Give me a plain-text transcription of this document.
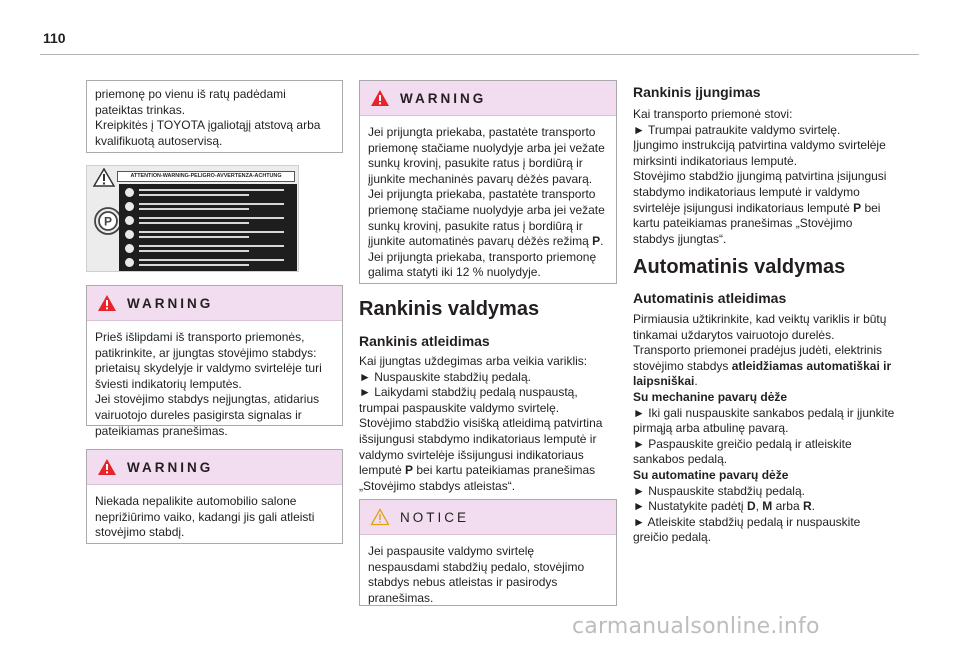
110

priemonę po vienu iš ratų padėdami pateiktas trinkas.

Kreipkitės į TOYOTA įgaliotąjį atstovą arba kvalifikuotą autoservisą.

ATTENTION-WARNING-PELIGRO-AVVERTENZA-ACHTUNG
P
WARNING

Prieš išlipdami iš transporto priemonės, patikrinkite, ar įjungtas stovėjimo stabdys: prietaisų skydelyje ir valdymo svirtelėje turi šviesti indikatorių lemputės.

Jei stovėjimo stabdys neįjungtas, atidarius vairuotojo dureles pasigirsta signalas ir pateikiamas pranešimas.

WARNING

Niekada nepalikite automobilio salone neprižiūrimo vaiko, kadangi jis gali atleisti stovėjimo stabdį.

WARNING

Jei prijungta priekaba, pastatėte transporto priemonę stačiame nuolydyje arba jei vežate sunkų krovinį, pasukite ratus į bordiūrą ir įjunkite mechaninės pavarų dėžės pavarą.

Jei prijungta priekaba, pastatėte transporto priemonę stačiame nuolydyje arba jei vežate sunkų krovinį, pasukite ratus į bordiūrą ir įjunkite automatinės pavarų dėžės režimą P.

Jei prijungta priekaba, transporto priemonę galima statyti iki 12 % nuolydyje.

Rankinis valdymas
Rankinis atleidimas

Kai įjungtas uždegimas arba veikia variklis:

► Nuspauskite stabdžių pedalą.

► Laikydami stabdžių pedalą nuspaustą, trumpai paspauskite valdymo svirtelę.

Stovėjimo stabdžio visišką atleidimą patvirtina išsijungusi stabdymo indikatoriaus lemputė ir valdymo svirtelėje išsijungusi indikatoriaus lemputė P bei kartu pateikiamas pranešimas „Stovėjimo stabdys atleistas“.

NOTICE

Jei paspausite valdymo svirtelę nespausdami stabdžių pedalo, stovėjimo stabdys nebus atleistas ir pasirodys pranešimas.

Rankinis įjungimas

Kai transporto priemonė stovi:

► Trumpai patraukite valdymo svirtelę.

Įjungimo instrukciją patvirtina valdymo svirtelėje mirksinti indikatoriaus lemputė.

Stovėjimo stabdžio įjungimą patvirtina įsijungusi stabdymo indikatoriaus lemputė ir valdymo svirtelėje įsijungusi indikatoriaus lemputė P bei kartu pateikiamas pranešimas „Stovėjimo stabdys įjungtas“.

Automatinis valdymas
Automatinis atleidimas

Pirmiausia užtikrinkite, kad veiktų variklis ir būtų tinkamai uždarytos vairuotojo durelės.

Transporto priemonei pradėjus judėti, elektrinis stovėjimo stabdys atleidžiamas automatiškai ir laipsniškai.

Su mechanine pavarų dėže

► Iki gali nuspauskite sankabos pedalą ir įjunkite pirmąją arba atbulinę pavarą.

► Paspauskite greičio pedalą ir atleiskite sankabos pedalą.

Su automatine pavarų dėže

► Nuspauskite stabdžių pedalą.

► Nustatykite padėtį D, M arba R.

► Atleiskite stabdžių pedalą ir nuspauskite greičio pedalą.

carmanualsonline.info
